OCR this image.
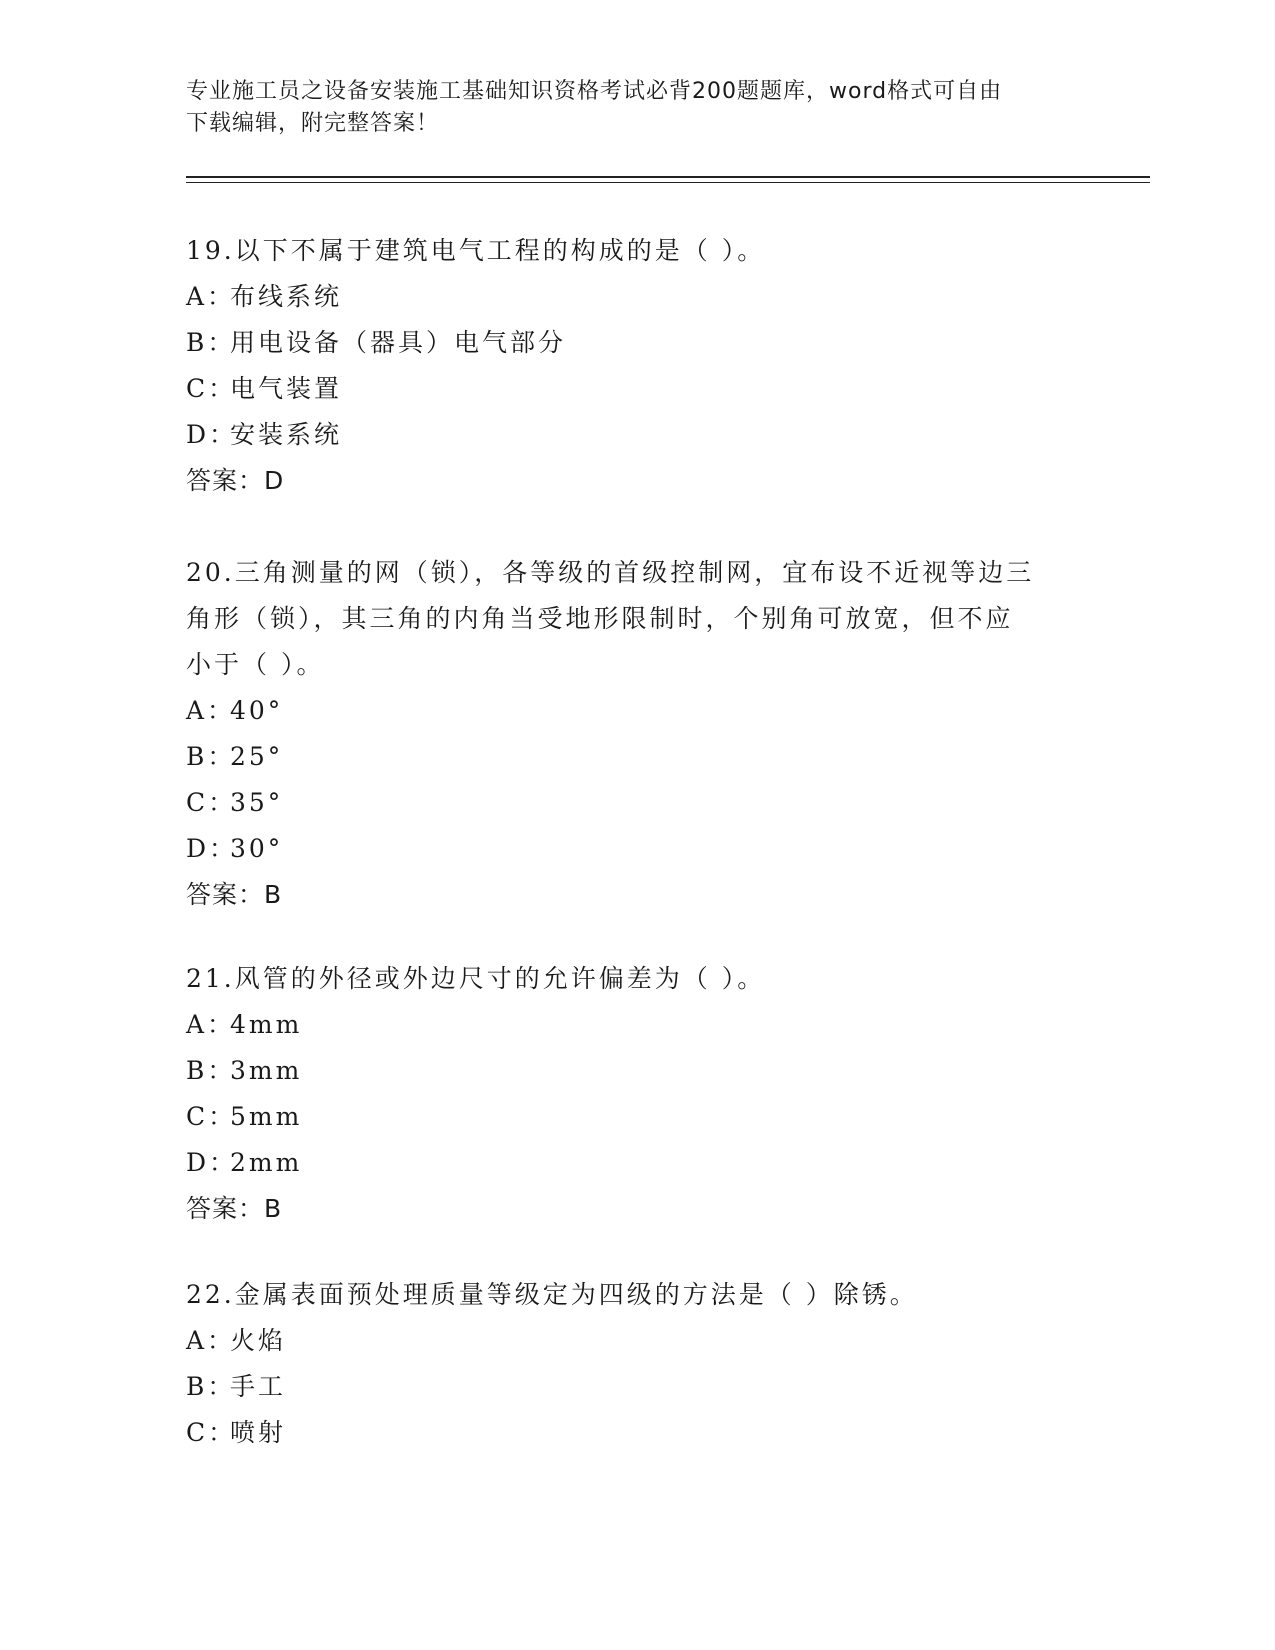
专业施工员之设备安装施工基础知识资格考试必背200题题库，word格式可自由
下载编辑，附完整答案！
19.以下不属于建筑电气工程的构成的是（ ）。
A：布线系统
B：用电设备（器具）电气部分
C：电气装置
D：安装系统
答案：D
20.三角测量的网（锁），各等级的首级控制网，宜布设不近视等边三
角形（锁），其三角的内角当受地形限制时，个别角可放宽，但不应
小于（ ）。
A：40°
B：25°
C：35°
D：30°
答案：B
21.风管的外径或外边尺寸的允许偏差为（ ）。
A：4mm
B：3mm
C：5mm
D：2mm
答案：B
22.金属表面预处理质量等级定为四级的方法是（ ）除锈。
A：火焰
B：手工
C：喷射
